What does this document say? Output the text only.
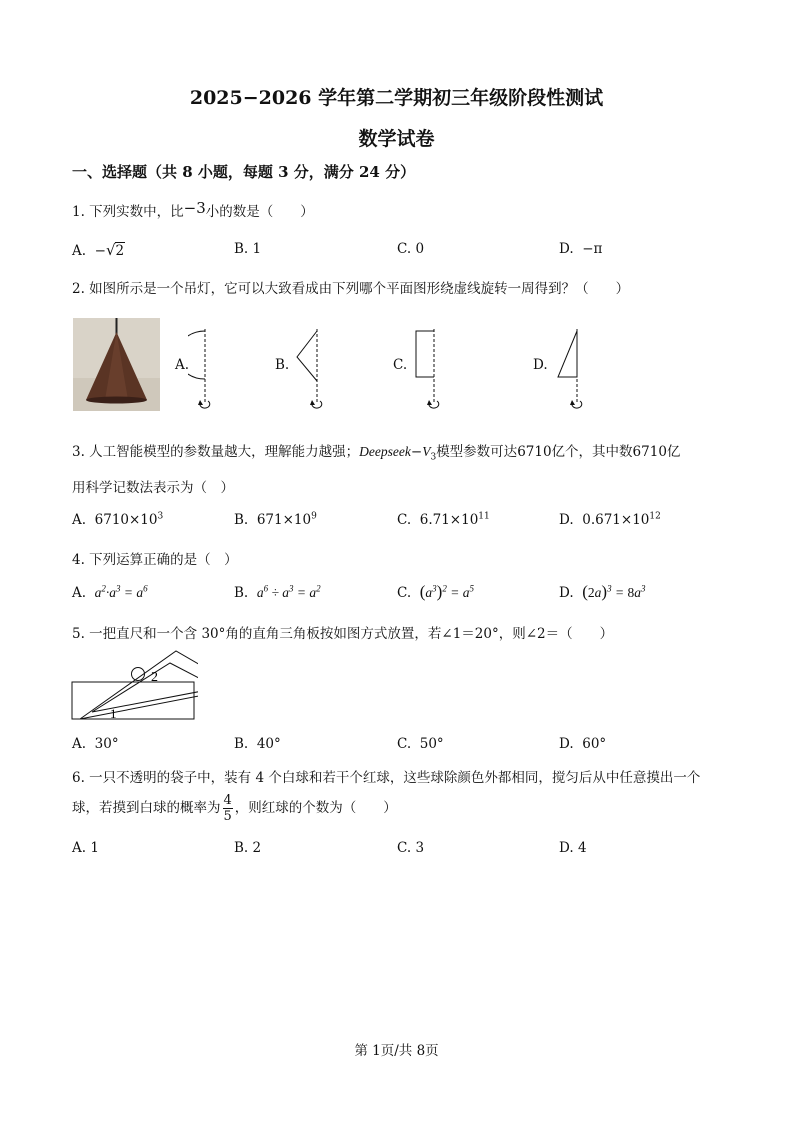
2025−2026 学年第二学期初三年级阶段性测试
数学试卷
一、选择题（共 8 小题，每题 3 分，满分 24 分）
1. 下列实数中，比−3小的数是（　　）
A. −√2	B. 1	C. 0	D. −π
2. 如图所示是一个吊灯，它可以大致看成由下列哪个平面图形绕虚线旋转一周得到？（　　）
A.	B.	C.	D.
3. 人工智能模型的参数量越大，理解能力越强；$Deepseek-V_3$模型参数可达6710亿个，其中数6710亿
用科学记数法表示为（　）
A. $6710\times 10^3$	B. $671\times 10^9$	C. $6.71\times 10^{11}$	D. $0.671\times 10^{12}$
4. 下列运算正确的是（　）
A. $a^2\cdot a^3 = a^6$	B. $a^6 \div a^3 = a^2$	C. $(a^3)^2 = a^5$	D. $(2a)^3 = 8a^3$
5. 一把直尺和一个含 30°角的直角三角板按如图方式放置，若∠1＝20°，则∠2＝（　　）
2
1
A. 30°	B. 40°	C. 50°	D. 60°
6. 一只不透明的袋子中，装有 4 个白球和若干个红球，这些球除颜色外都相同，搅匀后从中任意摸出一个
球，若摸到白球的概率为 $\frac{4}{5}$ ，则红球的个数为（　　）
A. 1	B. 2	C. 3	D. 4
第 1页/共 8页
